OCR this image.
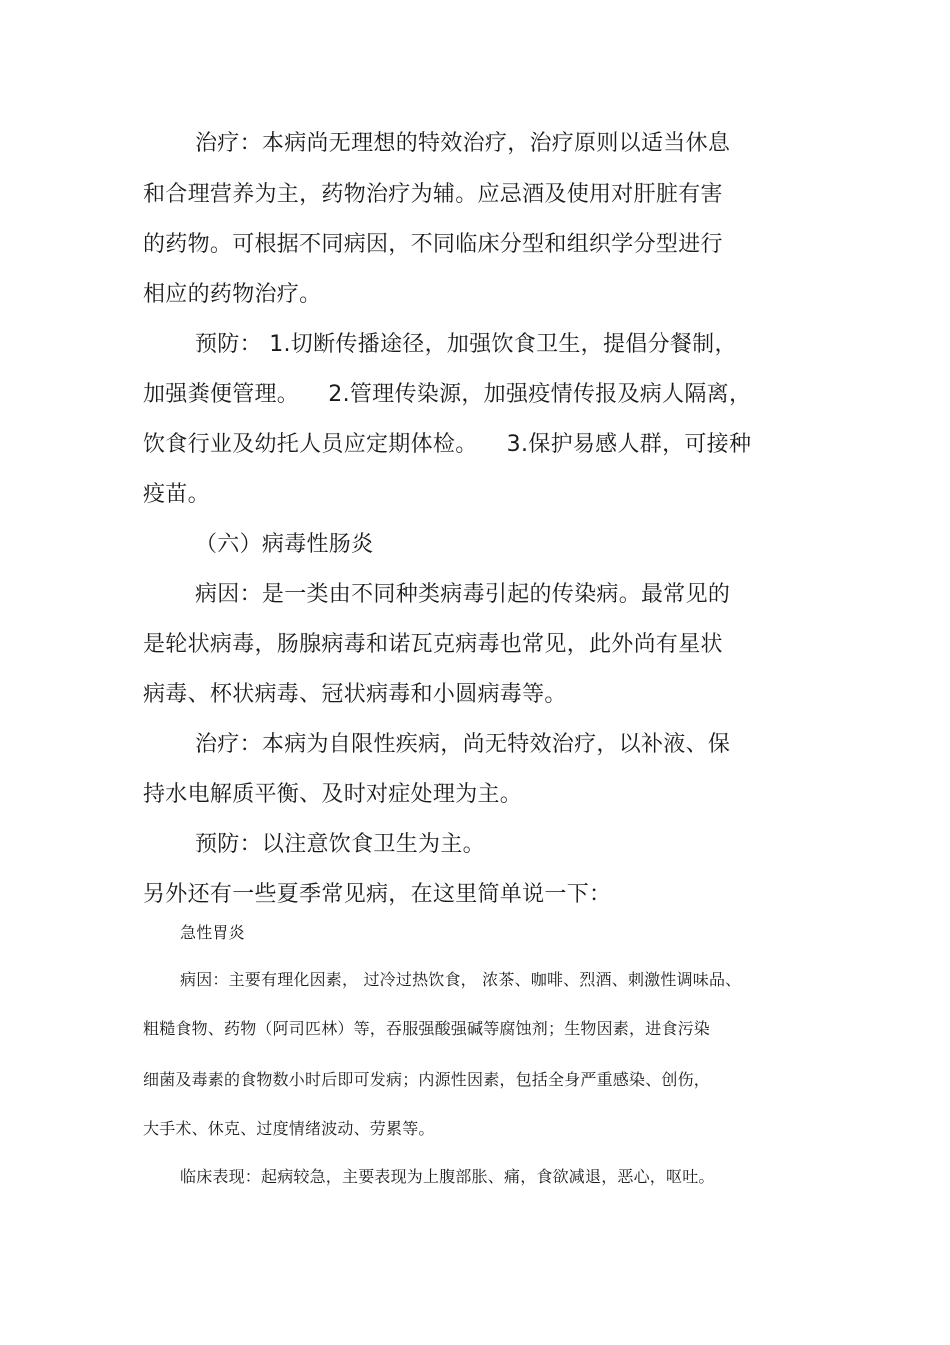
治疗：本病尚无理想的特效治疗，治疗原则以适当休息

和合理营养为主，药物治疗为辅。应忌酒及使用对肝脏有害

的药物。可根据不同病因，不同临床分型和组织学分型进行

相应的药物治疗。

预防： 1.切断传播途径，加强饮食卫生，提倡分餐制，

加强粪便管理。    2.管理传染源，加强疫情传报及病人隔离，

饮食行业及幼托人员应定期体检。    3.保护易感人群，可接种

疫苗。

（六）病毒性肠炎

病因：是一类由不同种类病毒引起的传染病。最常见的

是轮状病毒，肠腺病毒和诺瓦克病毒也常见，此外尚有星状

病毒、杯状病毒、冠状病毒和小圆病毒等。

治疗：本病为自限性疾病，尚无特效治疗，以补液、保

持水电解质平衡、及时对症处理为主。

预防：以注意饮食卫生为主。

另外还有一些夏季常见病，在这里简单说一下：

急性胃炎

病因：主要有理化因素， 过冷过热饮食， 浓茶、咖啡、烈酒、刺激性调味品、

粗糙食物、药物（阿司匹林）等，吞服强酸强碱等腐蚀剂；生物因素，进食污染

细菌及毒素的食物数小时后即可发病；内源性因素，包括全身严重感染、创伤，

大手术、休克、过度情绪波动、劳累等。

临床表现：起病较急，主要表现为上腹部胀、痛，食欲减退，恶心，呕吐。
